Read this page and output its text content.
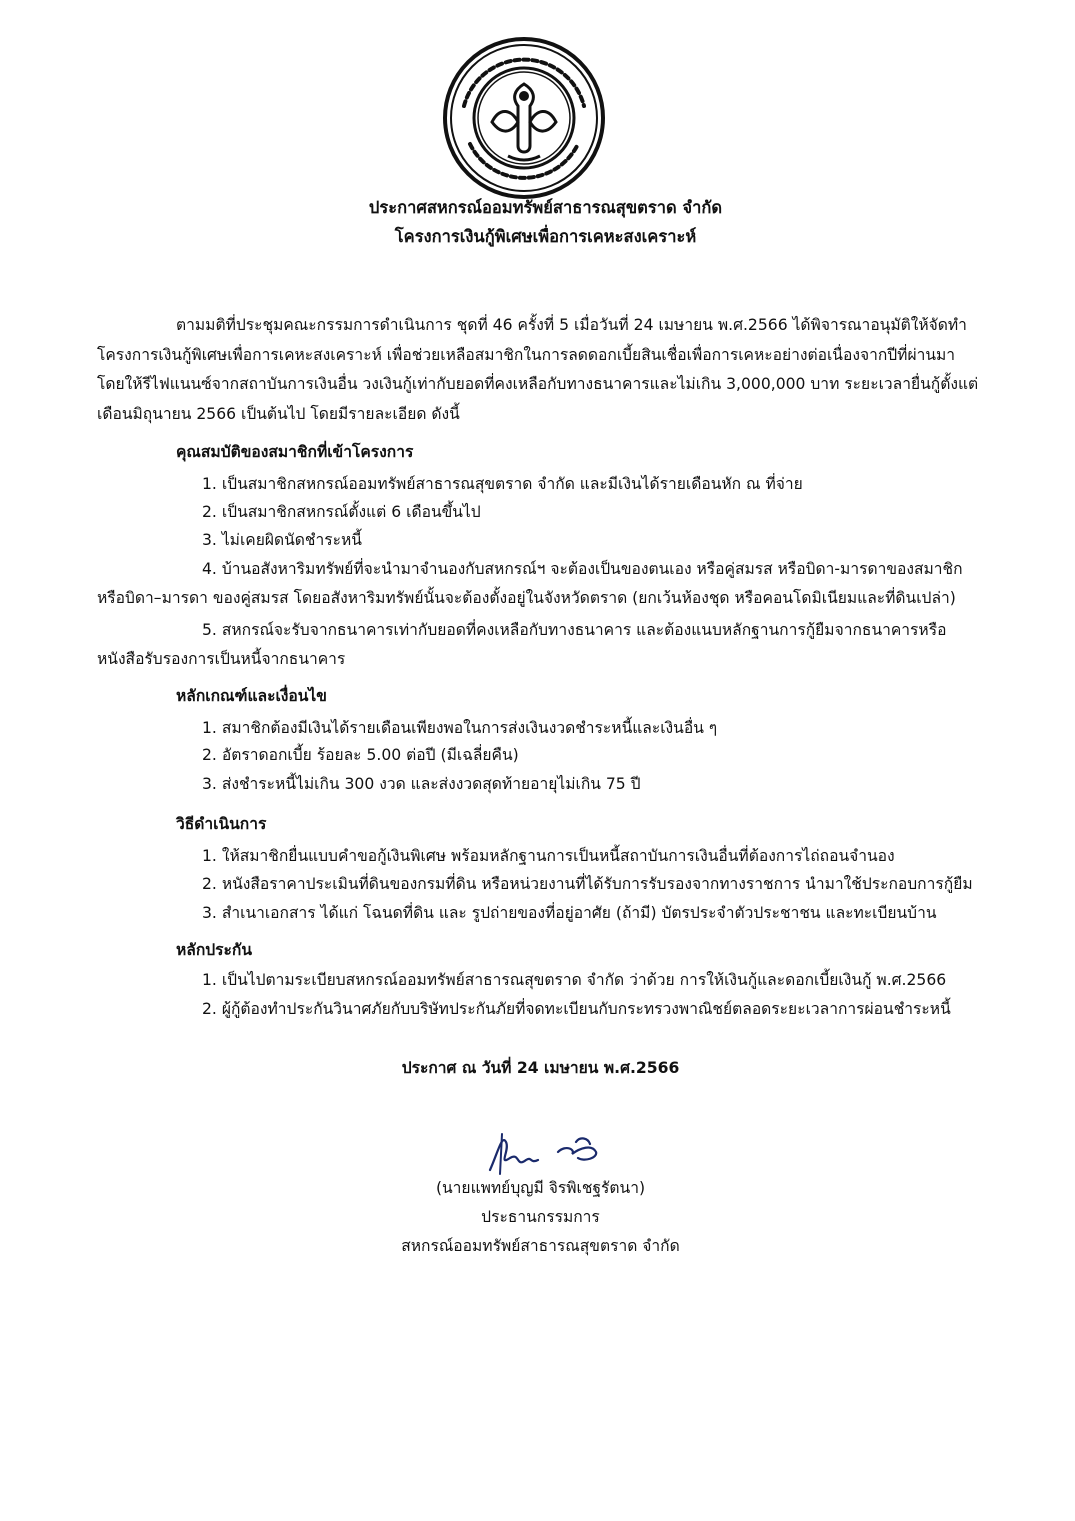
ประกาศสหกรณ์ออมทรัพย์สาธารณสุขตราด จำกัด
โครงการเงินกู้พิเศษเพื่อการเคหะสงเคราะห์
ตามมติที่ประชุมคณะกรรมการดำเนินการ ชุดที่ 46 ครั้งที่ 5 เมื่อวันที่ 24 เมษายน พ.ศ.2566 ได้พิจารณาอนุมัติให้จัดทำ
โครงการเงินกู้พิเศษเพื่อการเคหะสงเคราะห์ เพื่อช่วยเหลือสมาชิกในการลดดอกเบี้ยสินเชื่อเพื่อการเคหะอย่างต่อเนื่องจากปีที่ผ่านมา
โดยให้รีไฟแนนซ์จากสถาบันการเงินอื่น วงเงินกู้เท่ากับยอดที่คงเหลือกับทางธนาคารและไม่เกิน 3,000,000 บาท ระยะเวลายื่นกู้ตั้งแต่
เดือนมิถุนายน 2566 เป็นต้นไป โดยมีรายละเอียด ดังนี้
คุณสมบัติของสมาชิกที่เข้าโครงการ
1. เป็นสมาชิกสหกรณ์ออมทรัพย์สาธารณสุขตราด จำกัด และมีเงินได้รายเดือนหัก ณ ที่จ่าย
2. เป็นสมาชิกสหกรณ์ตั้งแต่ 6 เดือนขึ้นไป
3. ไม่เคยผิดนัดชำระหนี้
4. บ้านอสังหาริมทรัพย์ที่จะนำมาจำนองกับสหกรณ์ฯ จะต้องเป็นของตนเอง หรือคู่สมรส หรือบิดา-มารดาของสมาชิก
หรือบิดา–มารดา ของคู่สมรส โดยอสังหาริมทรัพย์นั้นจะต้องตั้งอยู่ในจังหวัดตราด (ยกเว้นห้องชุด หรือคอนโดมิเนียมและที่ดินเปล่า)
5. สหกรณ์จะรับจากธนาคารเท่ากับยอดที่คงเหลือกับทางธนาคาร และต้องแนบหลักฐานการกู้ยืมจากธนาคารหรือ
หนังสือรับรองการเป็นหนี้จากธนาคาร
หลักเกณฑ์และเงื่อนไข
1. สมาชิกต้องมีเงินได้รายเดือนเพียงพอในการส่งเงินงวดชำระหนี้และเงินอื่น ๆ
2. อัตราดอกเบี้ย ร้อยละ 5.00 ต่อปี (มีเฉลี่ยคืน)
3. ส่งชำระหนี้ไม่เกิน 300 งวด และส่งงวดสุดท้ายอายุไม่เกิน 75 ปี
วิธีดำเนินการ
1. ให้สมาชิกยื่นแบบคำขอกู้เงินพิเศษ พร้อมหลักฐานการเป็นหนี้สถาบันการเงินอื่นที่ต้องการไถ่ถอนจำนอง
2. หนังสือราคาประเมินที่ดินของกรมที่ดิน หรือหน่วยงานที่ได้รับการรับรองจากทางราชการ นำมาใช้ประกอบการกู้ยืม
3. สำเนาเอกสาร ได้แก่ โฉนดที่ดิน และ รูปถ่ายของที่อยู่อาศัย (ถ้ามี) บัตรประจำตัวประชาชน และทะเบียนบ้าน
หลักประกัน
1. เป็นไปตามระเบียบสหกรณ์ออมทรัพย์สาธารณสุขตราด จำกัด ว่าด้วย การให้เงินกู้และดอกเบี้ยเงินกู้ พ.ศ.2566
2. ผู้กู้ต้องทำประกันวินาศภัยกับบริษัทประกันภัยที่จดทะเบียนกับกระทรวงพาณิชย์ตลอดระยะเวลาการผ่อนชำระหนี้
ประกาศ ณ วันที่ 24 เมษายน พ.ศ.2566
(นายแพทย์บุญมี จิรพิเชฐรัตนา)
ประธานกรรมการ
สหกรณ์ออมทรัพย์สาธารณสุขตราด จำกัด
